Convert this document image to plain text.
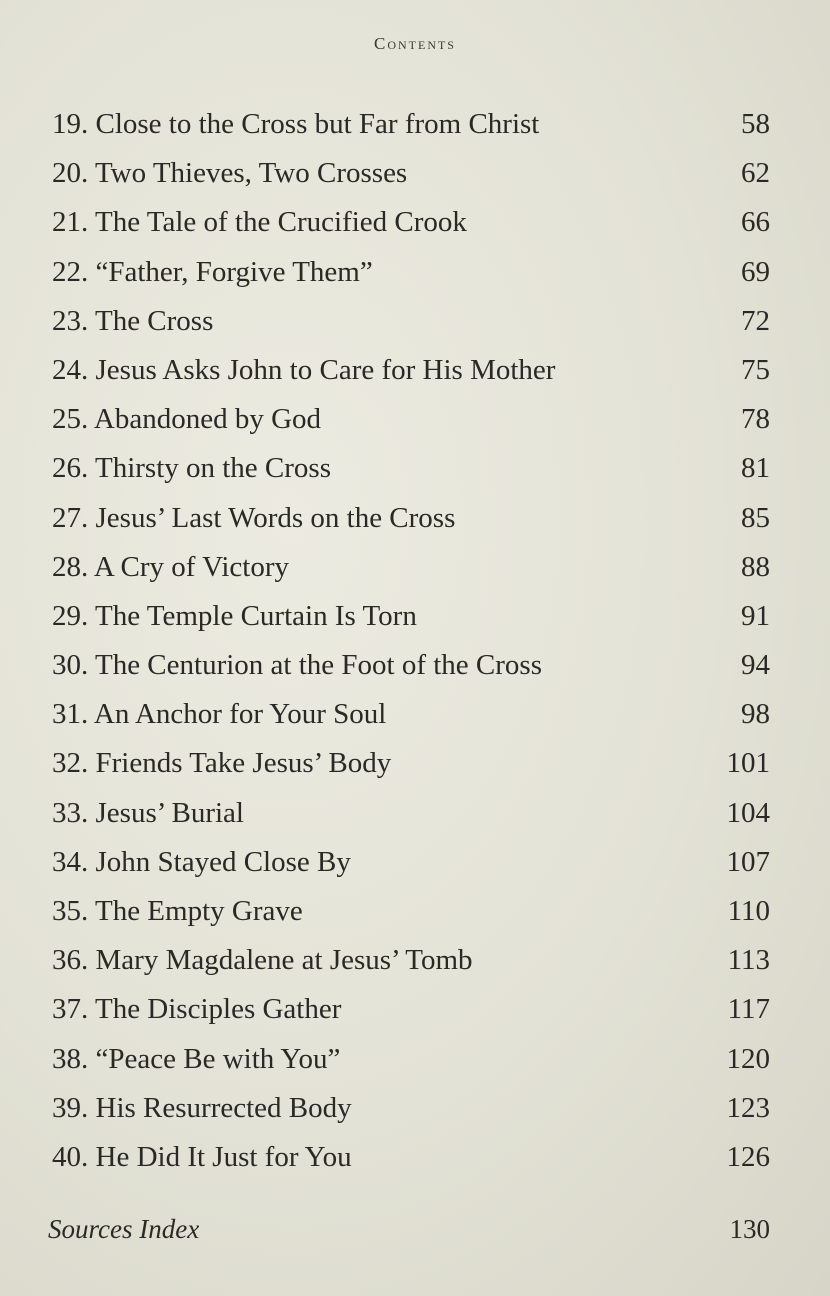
Contents
19. Close to the Cross but Far from Christ	58
20. Two Thieves, Two Crosses	62
21. The Tale of the Crucified Crook	66
22. “Father, Forgive Them”	69
23. The Cross	72
24. Jesus Asks John to Care for His Mother	75
25. Abandoned by God	78
26. Thirsty on the Cross	81
27. Jesus’ Last Words on the Cross	85
28. A Cry of Victory	88
29. The Temple Curtain Is Torn	91
30. The Centurion at the Foot of the Cross	94
31. An Anchor for Your Soul	98
32. Friends Take Jesus’ Body	101
33. Jesus’ Burial	104
34. John Stayed Close By	107
35. The Empty Grave	110
36. Mary Magdalene at Jesus’ Tomb	113
37. The Disciples Gather	117
38. “Peace Be with You”	120
39. His Resurrected Body	123
40. He Did It Just for You	126
Sources Index	130
